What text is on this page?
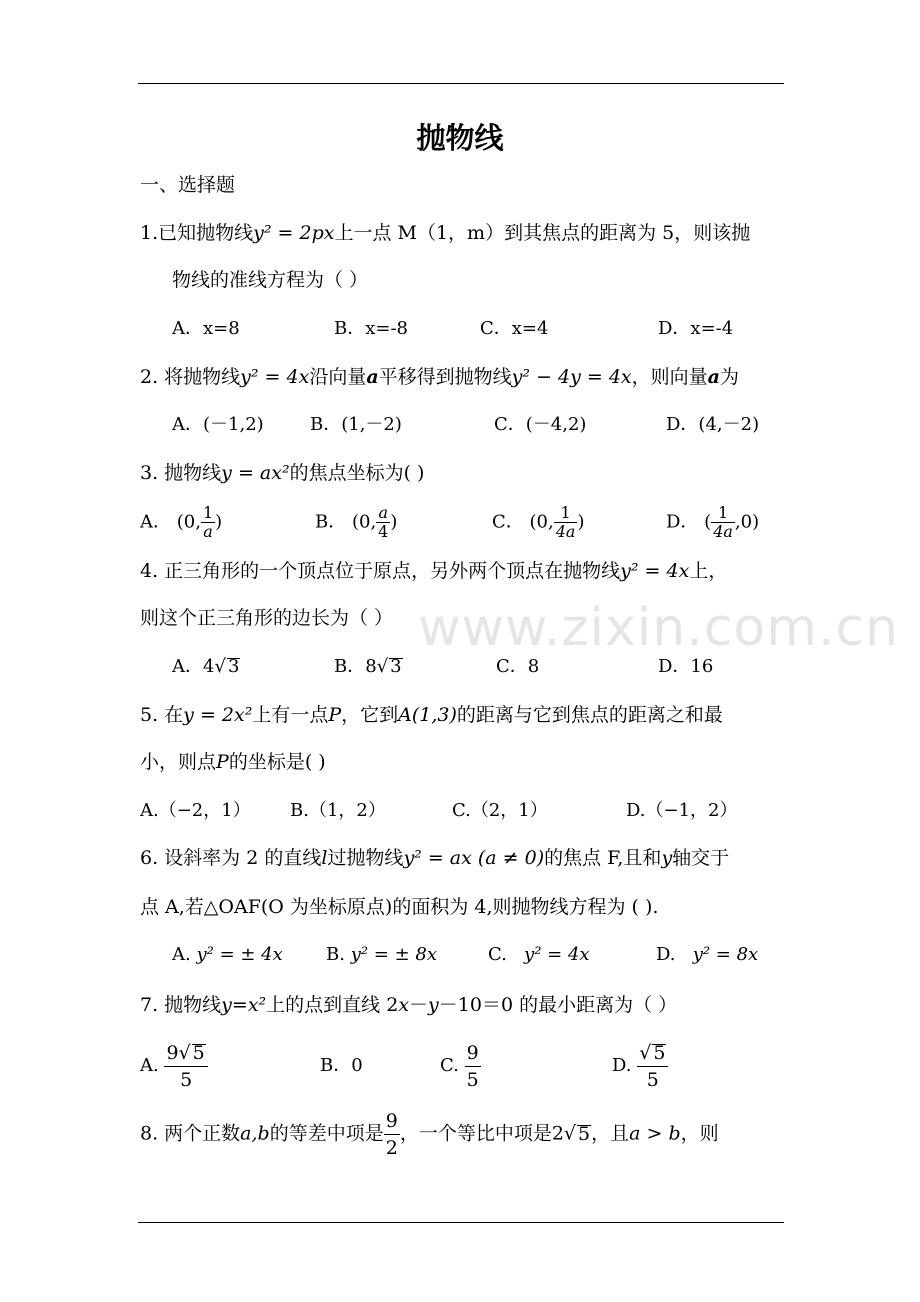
抛物线
一、选择题
1.已知抛物线y² = 2px上一点 M（1，m）到其焦点的距离为 5，则该抛
物线的准线方程为（ ）
A．x=8	B．x=-8	C．x=4	D．x=-4
2. 将抛物线y² = 4x沿向量a平移得到抛物线y² − 4y = 4x，则向量a为
A．(－1,2)	B．(1,－2)	C．(－4,2)	D．(4,－2)
3. 抛物线y = ax²的焦点坐标为( )
A． (0, $\frac{1}{a}$ )	B． (0, $\frac{a}{4}$ )	C． (0, $\frac{1}{4a}$ )	D． ( $\frac{1}{4a} ,0$)
4. 正三角形的一个顶点位于原点，另外两个顶点在抛物线y² = 4x上，
则这个正三角形的边长为（ ）
A．4√ 3	B．8√ 3	C．8	D．16
5. 在y = 2x²上有一点P，它到A(1,3)的距离与它到焦点的距离之和最
小，则点P的坐标是( )
A.（−2，1） B.（1，2）	C.（2，1）	D.（−1，2）
6. 设斜率为 2 的直线l过抛物线y² = ax (a ≠ 0)的焦点 F,且和y轴交于
点 A,若△OAF(O 为坐标原点)的面积为 4,则抛物线方程为 ( ).
A. y² = ± 4x B. y² = ± 8x	C. y² = 4x	D. y² = 8x
7. 抛物线y=x²上的点到直线 2x－y－10＝0 的最小距离为（ ）
A. $\frac{9√ 5}{5}$	B．0	C. $\frac{9}{5}$	D. $\frac{√ 5}{5}$
8. 两个正数a,b的等差中项是 $\frac{9}{2}$ ，一个等比中项是2√ 5，且a > b，则
www.zixin.com.cn
